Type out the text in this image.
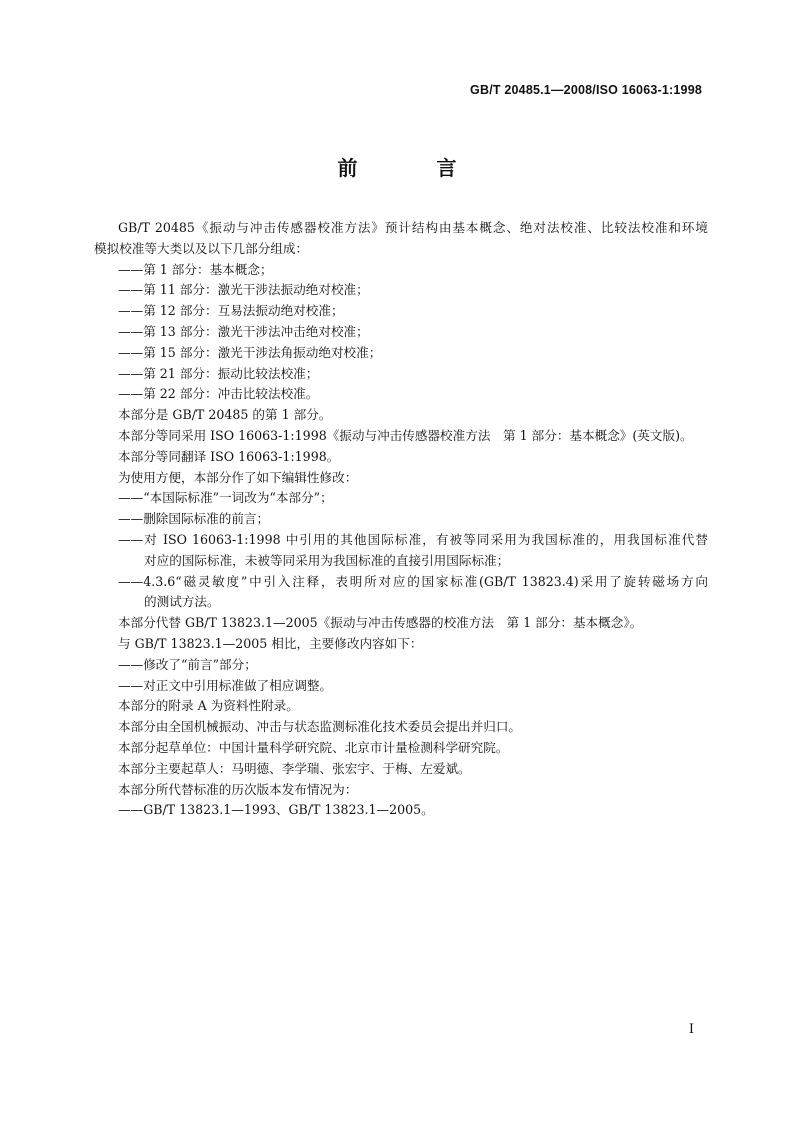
GB/T 20485.1—2008/ISO 16063-1:1998
前 言
GB/T 20485《振动与冲击传感器校准方法》预计结构由基本概念、绝对法校准、比较法校准和环境
模拟校准等大类以及以下几部分组成：
——第 1 部分：基本概念；
——第 11 部分：激光干涉法振动绝对校准；
——第 12 部分：互易法振动绝对校准；
——第 13 部分：激光干涉法冲击绝对校准；
——第 15 部分：激光干涉法角振动绝对校准；
——第 21 部分：振动比较法校准；
——第 22 部分：冲击比较法校准。
本部分是 GB/T 20485 的第 1 部分。
本部分等同采用 ISO 16063-1:1998《振动与冲击传感器校准方法　第 1 部分：基本概念》(英文版)。
本部分等同翻译 ISO 16063-1:1998。
为使用方便，本部分作了如下编辑性修改：
——“本国际标准”一词改为“本部分”；
——删除国际标准的前言；
——对 ISO 16063-1:1998 中引用的其他国际标准，有被等同采用为我国标准的，用我国标准代替
对应的国际标准，未被等同采用为我国标准的直接引用国际标准；
——4.3.6“磁灵敏度”中引入注释，表明所对应的国家标准(GB/T 13823.4)采用了旋转磁场方向
的测试方法。
本部分代替 GB/T 13823.1—2005《振动与冲击传感器的校准方法　第 1 部分：基本概念》。
与 GB/T 13823.1—2005 相比，主要修改内容如下：
——修改了“前言”部分；
——对正文中引用标准做了相应调整。
本部分的附录 A 为资料性附录。
本部分由全国机械振动、冲击与状态监测标准化技术委员会提出并归口。
本部分起草单位：中国计量科学研究院、北京市计量检测科学研究院。
本部分主要起草人：马明德、李学瑞、张宏宇、于梅、左爱斌。
本部分所代替标准的历次版本发布情况为：
——GB/T 13823.1—1993、GB/T 13823.1—2005。
I
